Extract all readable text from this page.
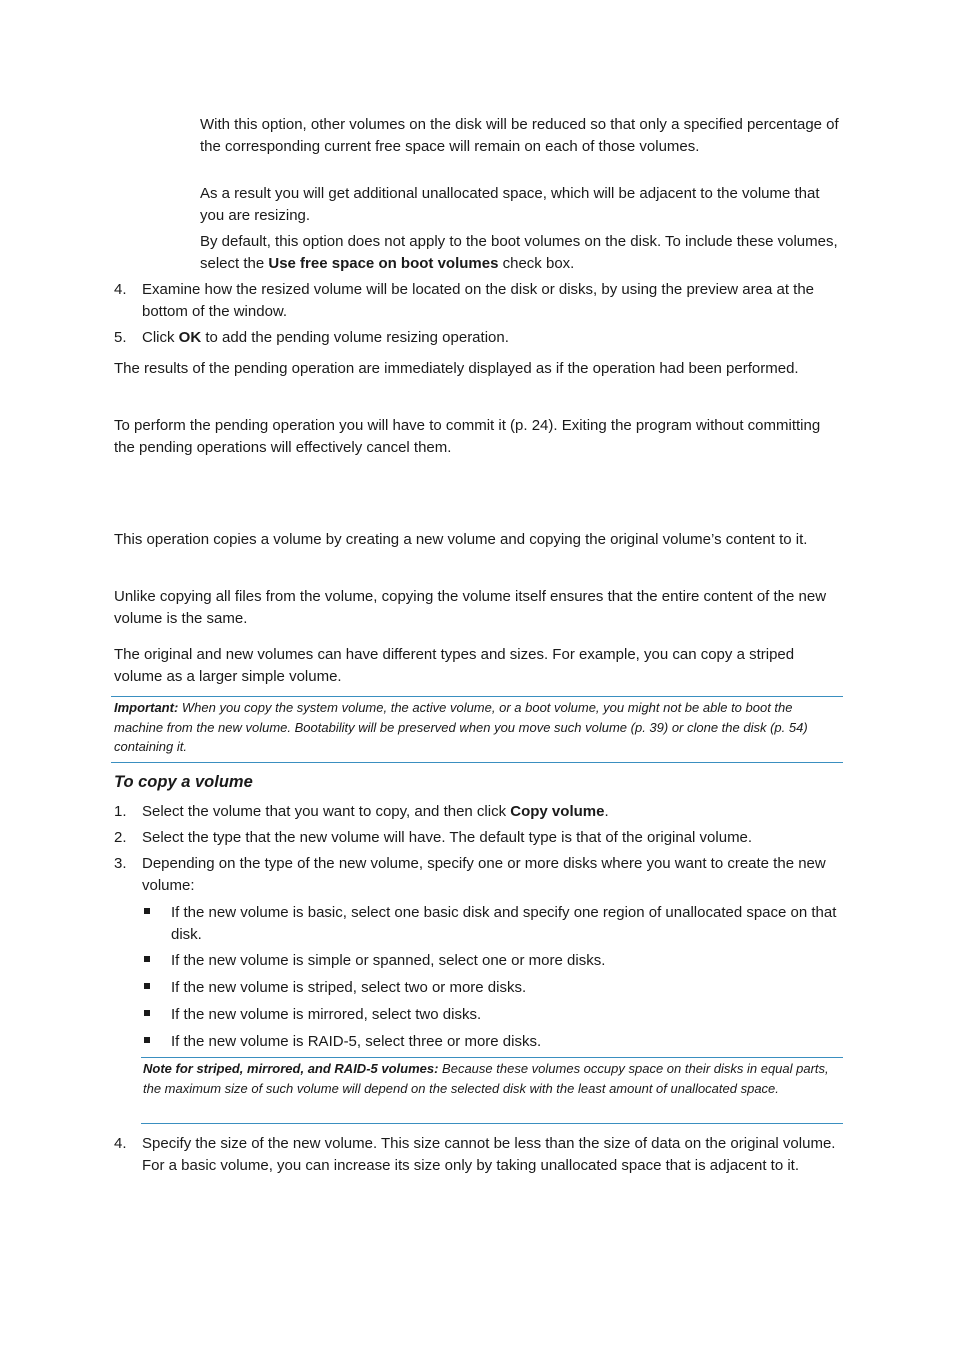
With this option, other volumes on the disk will be reduced so that only a specified percentage of the corresponding current free space will remain on each of those volumes.

As a result you will get additional unallocated space, which will be adjacent to the volume that you are resizing.

By default, this option does not apply to the boot volumes on the disk. To include these volumes, select the Use free space on boot volumes check box.

4. Examine how the resized volume will be located on the disk or disks, by using the preview area at the bottom of the window.

5. Click OK to add the pending volume resizing operation.

The results of the pending operation are immediately displayed as if the operation had been performed.

To perform the pending operation you will have to commit it (p. 24). Exiting the program without committing the pending operations will effectively cancel them.

This operation copies a volume by creating a new volume and copying the original volume’s content to it.

Unlike copying all files from the volume, copying the volume itself ensures that the entire content of the new volume is the same.

The original and new volumes can have different types and sizes. For example, you can copy a striped volume as a larger simple volume.

Important: When you copy the system volume, the active volume, or a boot volume, you might not be able to boot the machine from the new volume. Bootability will be preserved when you move such volume (p. 39) or clone the disk (p. 54) containing it.

To copy a volume

1. Select the volume that you want to copy, and then click Copy volume.

2. Select the type that the new volume will have. The default type is that of the original volume.

3. Depending on the type of the new volume, specify one or more disks where you want to create the new volume:

If the new volume is basic, select one basic disk and specify one region of unallocated space on that disk.

If the new volume is simple or spanned, select one or more disks.

If the new volume is striped, select two or more disks.

If the new volume is mirrored, select two disks.

If the new volume is RAID-5, select three or more disks.

Note for striped, mirrored, and RAID-5 volumes: Because these volumes occupy space on their disks in equal parts, the maximum size of such volume will depend on the selected disk with the least amount of unallocated space.

4. Specify the size of the new volume. This size cannot be less than the size of data on the original volume. For a basic volume, you can increase its size only by taking unallocated space that is adjacent to it.
